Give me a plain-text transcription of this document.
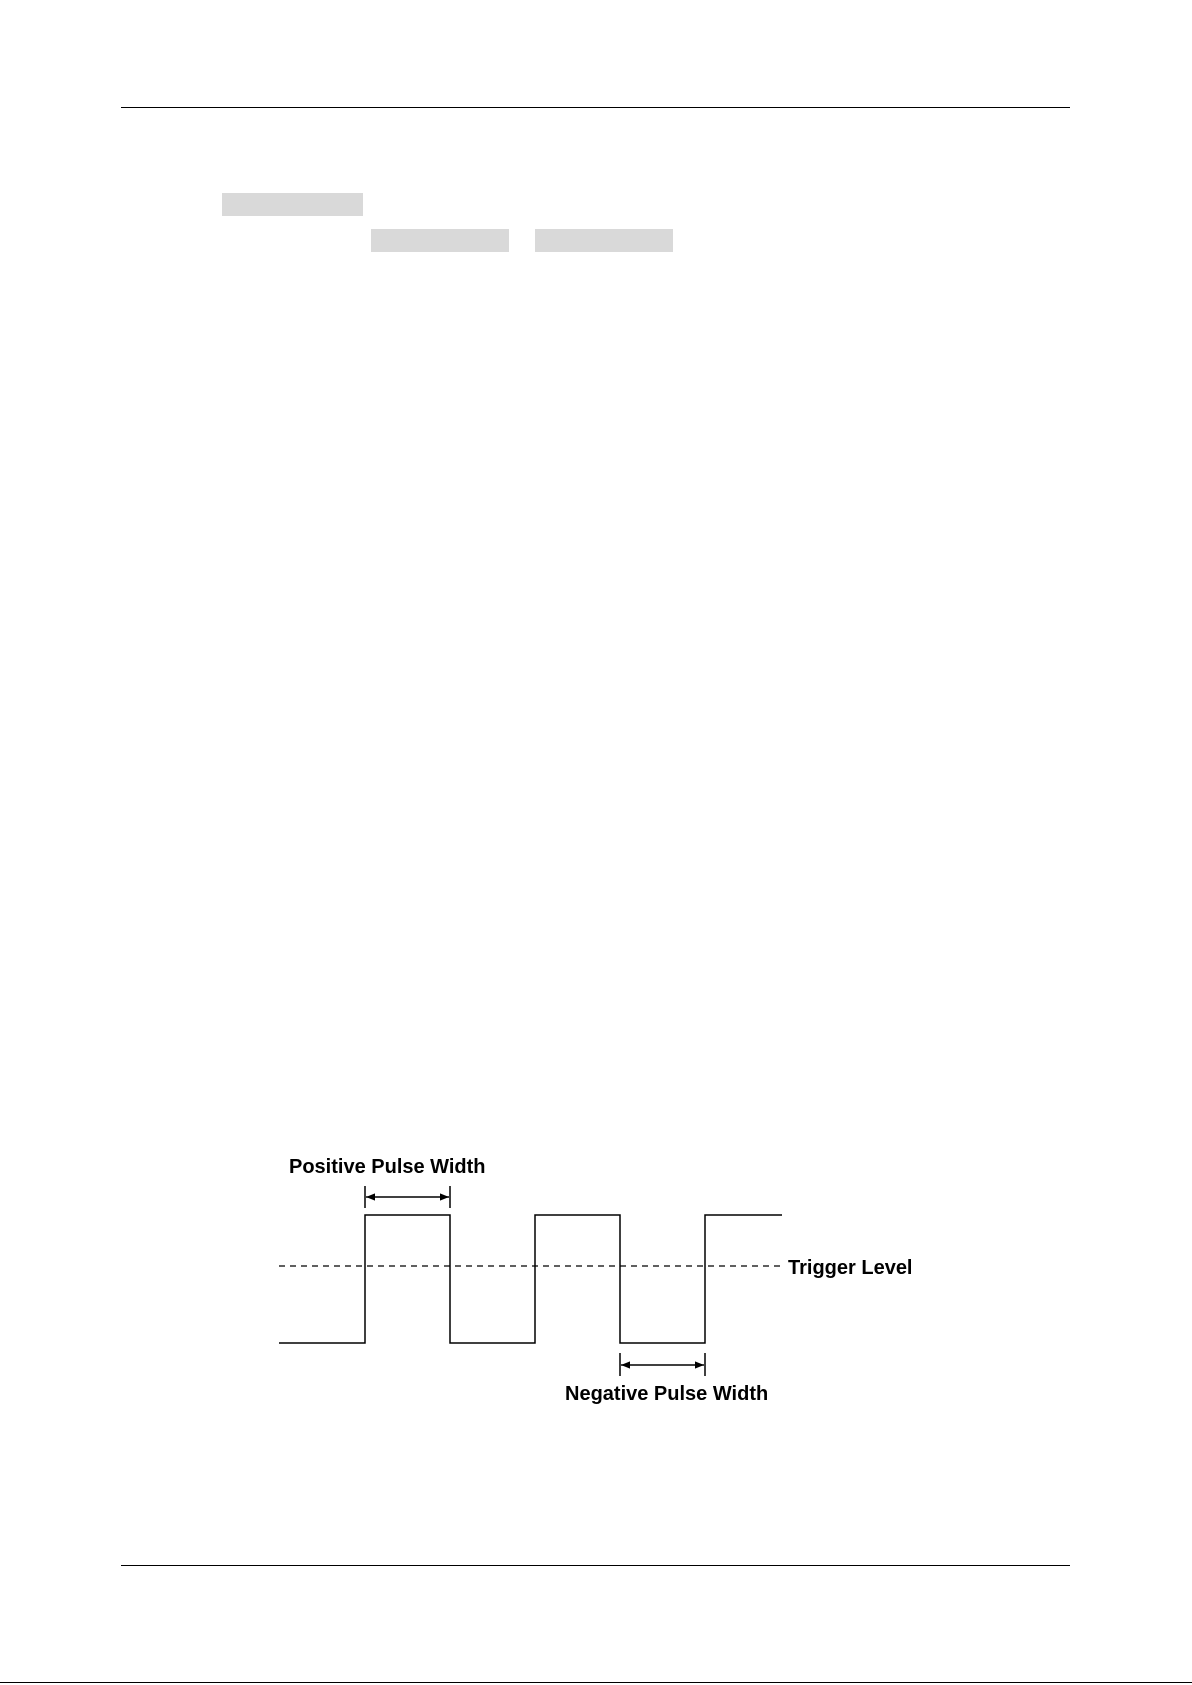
Positive Pulse Width
Trigger Level
Negative Pulse Width
